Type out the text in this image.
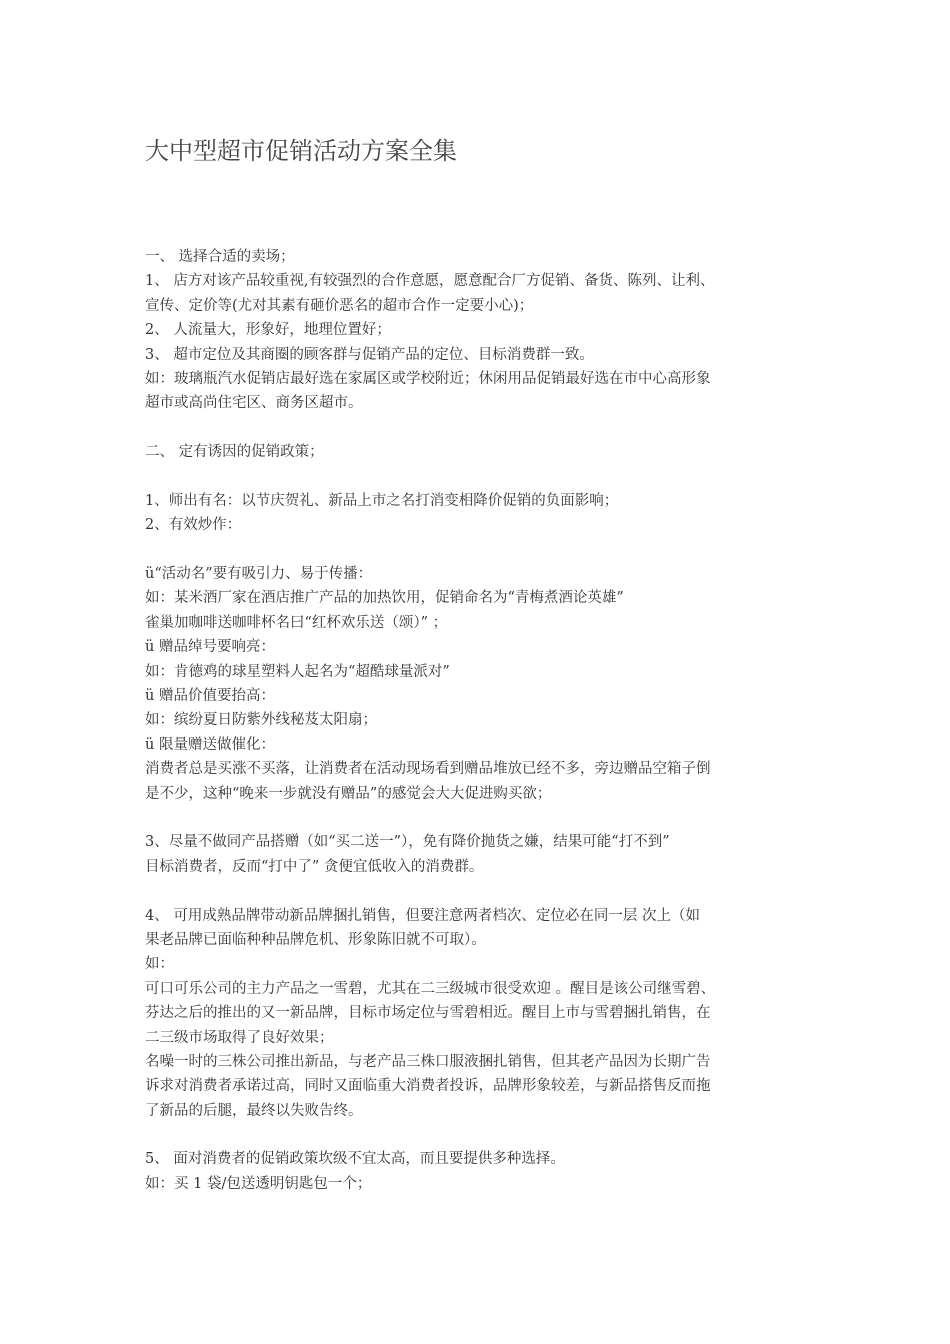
大中型超市促销活动方案全集
一、 选择合适的卖场；
1、 店方对该产品较重视,有较强烈的合作意愿，愿意配合厂方促销、备货、陈列、让利、
宣传、定价等(尤对其素有砸价恶名的超市合作一定要小心)；
2、 人流量大，形象好，地理位置好；
3、 超市定位及其商圈的顾客群与促销产品的定位、目标消费群一致。
如：玻璃瓶汽水促销店最好选在家属区或学校附近；休闲用品促销最好选在市中心高形象
超市或高尚住宅区、商务区超市。
二、 定有诱因的促销政策；
1、师出有名：以节庆贺礼、新品上市之名打消变相降价促销的负面影响；
2、有效炒作：
ü“活动名”要有吸引力、易于传播：
如：某米酒厂家在酒店推广产品的加热饮用，促销命名为“青梅煮酒论英雄”
雀巢加咖啡送咖啡杯名曰“红杯欢乐送（颂）” ；
ü 赠品绰号要响亮：
如：肯德鸡的球星塑料人起名为“超酷球量派对”
ü 赠品价值要抬高：
如：缤纷夏日防紫外线秘芨太阳扇；
ü 限量赠送做催化：
消费者总是买涨不买落，让消费者在活动现场看到赠品堆放已经不多，旁边赠品空箱子倒
是不少，这种“晚来一步就没有赠品”的感觉会大大促进购买欲；
3、尽量不做同产品搭赠（如“买二送一”），免有降价抛货之嫌，结果可能“打不到”
目标消费者，反而“打中了” 贪便宜低收入的消费群。
4、 可用成熟品牌带动新品牌捆扎销售，但要注意两者档次、定位必在同一层 次上（如
果老品牌已面临种种品牌危机、形象陈旧就不可取）。
如：
可口可乐公司的主力产品之一雪碧，尤其在二三级城市很受欢迎 。醒目是该公司继雪碧、
芬达之后的推出的又一新品牌，目标市场定位与雪碧相近。醒目上市与雪碧捆扎销售，在
二三级市场取得了良好效果；
名噪一时的三株公司推出新品，与老产品三株口服液捆扎销售，但其老产品因为长期广告
诉求对消费者承诺过高，同时又面临重大消费者投诉，品牌形象较差，与新品搭售反而拖
了新品的后腿，最终以失败告终。
5、 面对消费者的促销政策坎级不宜太高，而且要提供多种选择。
如：买 1 袋/包送透明钥匙包一个；
